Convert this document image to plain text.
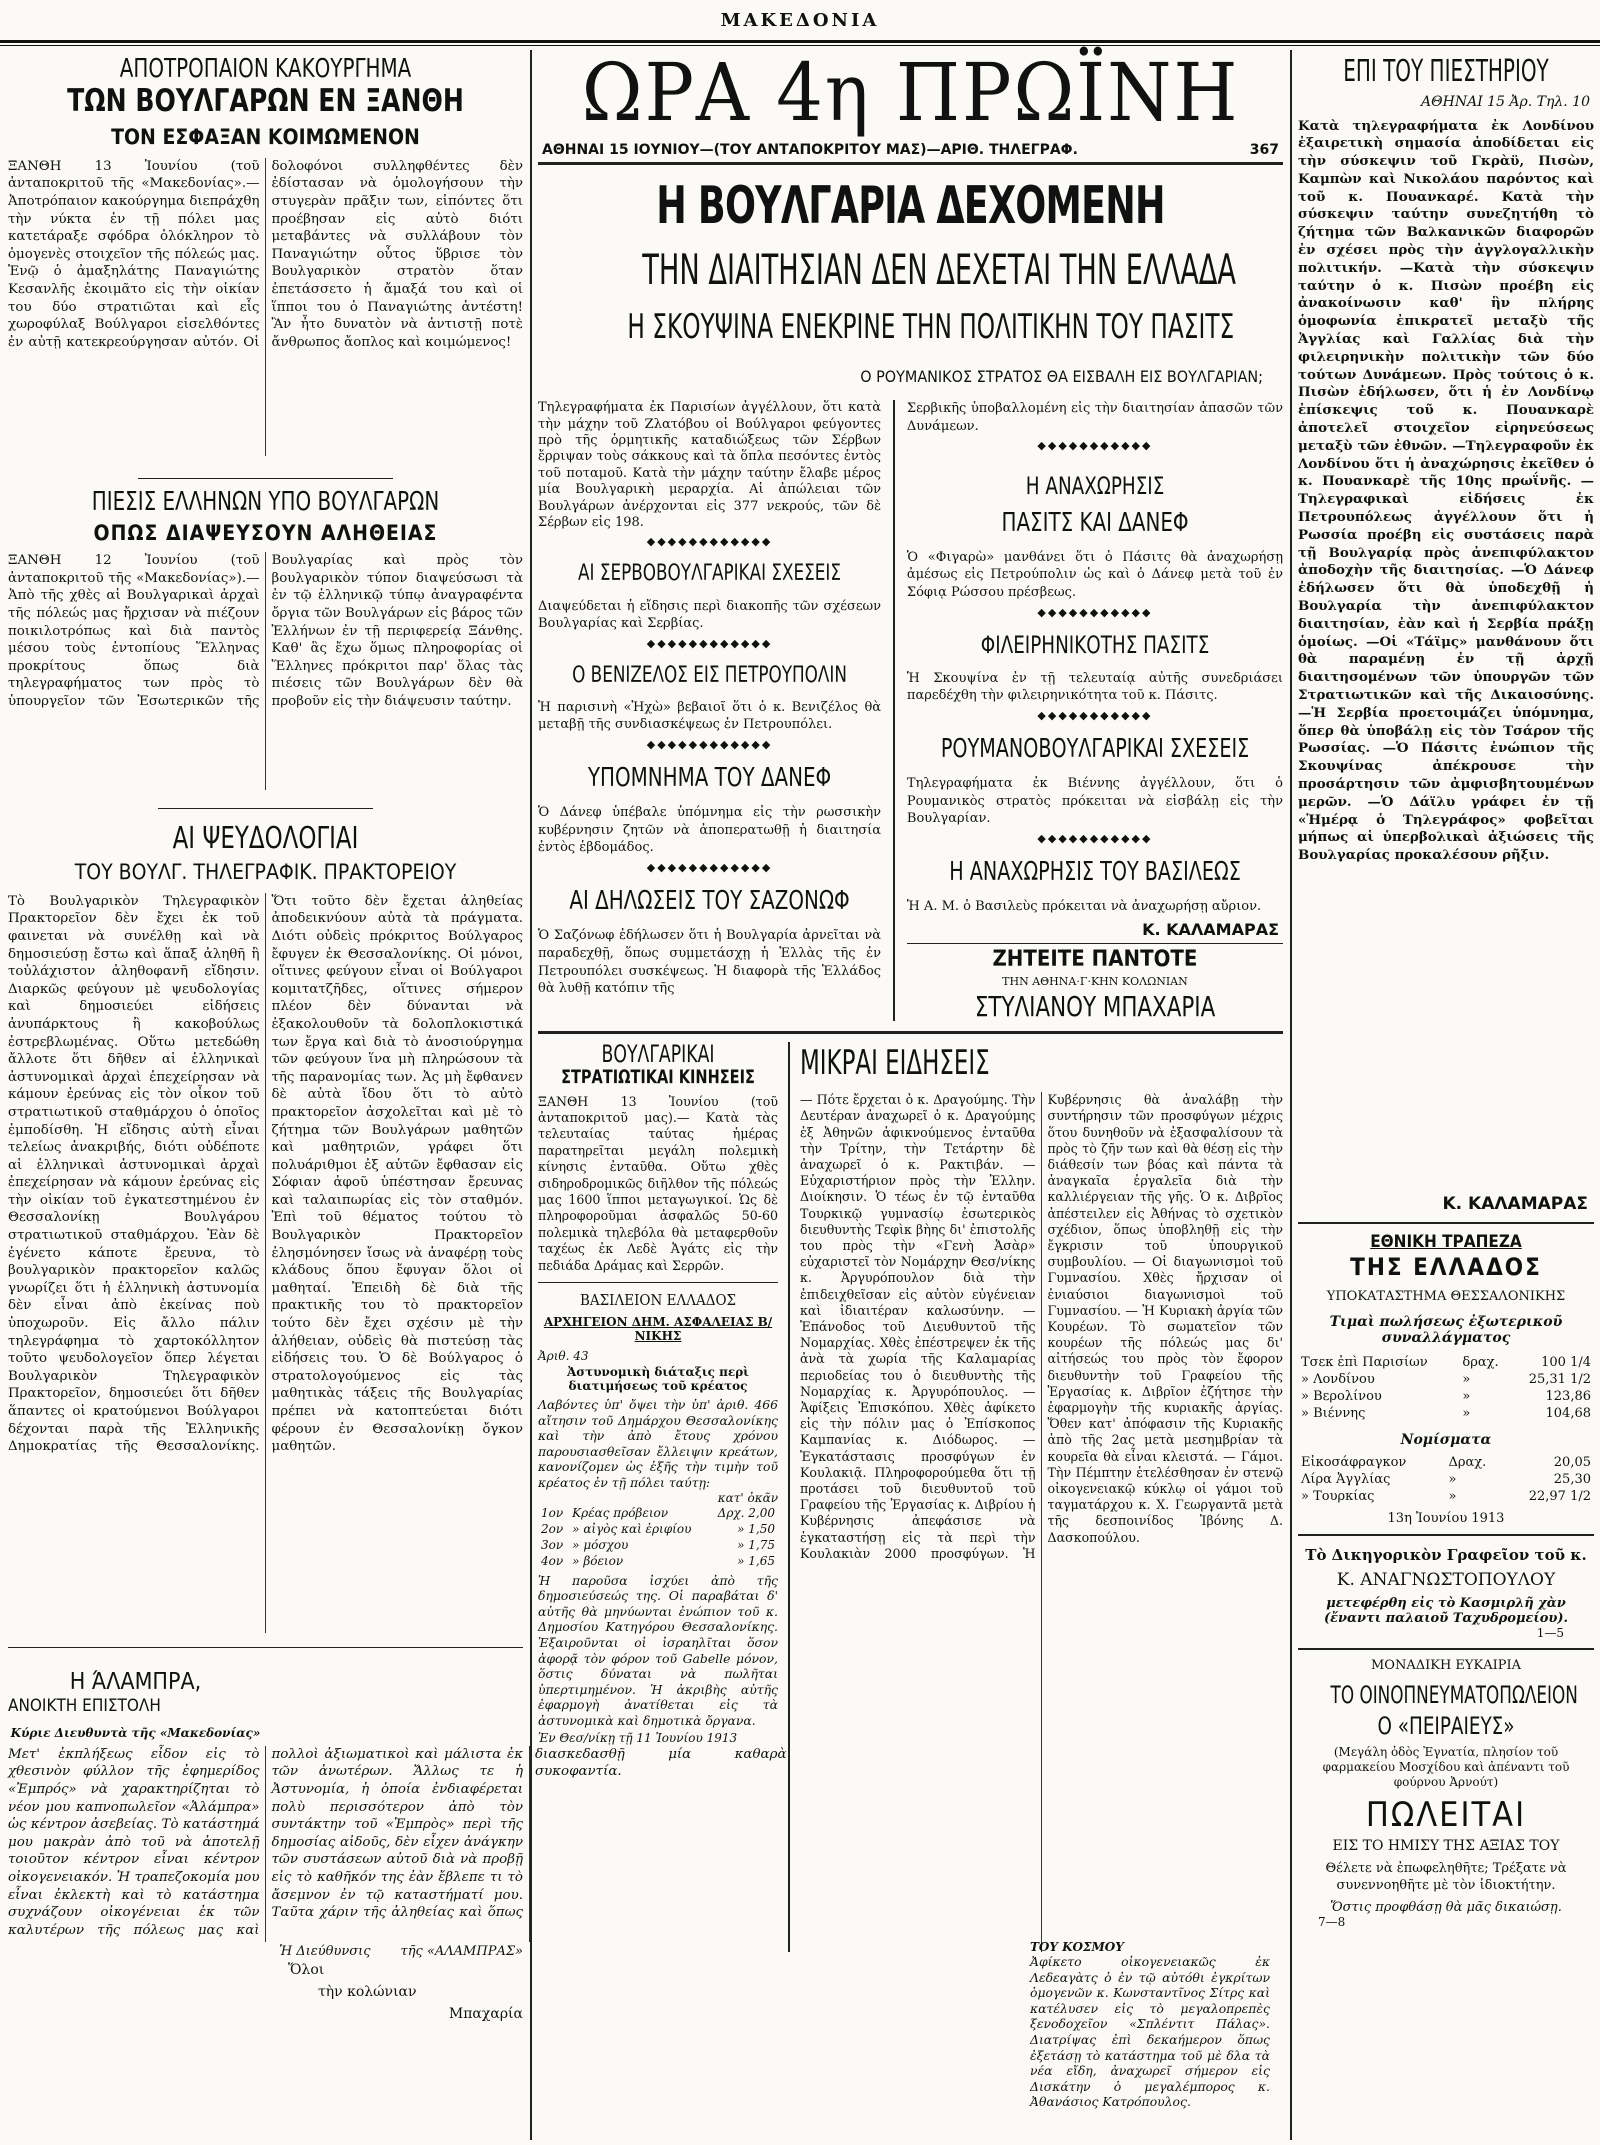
ΜΑΚΕΔΟΝΙΑ
ΑΠΟΤΡΟΠΑΙΟΝ ΚΑΚΟΥΡΓΗΜΑ
ΤΩΝ ΒΟΥΛΓΑΡΩΝ ΕΝ ΞΑΝΘΗ
ΤΟΝ ΕΣΦΑΞΑΝ ΚΟΙΜΩΜΕΝΟΝ

ΞΑΝΘΗ 13 Ἰουνίου (τοῦ ἀνταποκριτοῦ τῆς «Μακεδονίας».— Ἀποτρόπαιον κακούργημα διεπράχθη τὴν νύκτα ἐν τῇ πόλει μας κατετάραξε σφόδρα ὁλόκληρον τὸ ὁμογενὲς στοιχεῖον τῆς πόλεώς μας. Ἐνῷ ὁ ἀμαξηλάτης Παναγιώτης Κεσανλῆς ἐκοιμᾶτο εἰς τὴν οἰκίαν του δύο στρατιῶται καὶ εἷς χωροφύλαξ Βούλγαροι εἰσελθόντες ἐν αὐτῇ κατεκρεούργησαν αὐτόν. Οἱ δολοφόνοι συλληφθέντες δὲν ἐδίστασαν νὰ ὁμολογήσουν τὴν στυγερὰν πρᾶξιν των, εἰπόντες ὅτι προέβησαν εἰς αὐτὸ διότι μεταβάντες νὰ συλλάβουν τὸν Παναγιώτην οὗτος ὕβρισε τὸν Βουλγαρικὸν στρατὸν ὅταν ἐπετάσσετο ἡ ἄμαξά του καὶ οἱ ἵπποι του ὁ Παναγιώτης ἀντέστη! Ἂν ἦτο δυνατὸν νὰ ἀντιστῇ ποτὲ ἄνθρωπος ἄοπλος καὶ κοιμώμενος!

ΠΙΕΣΙΣ ΕΛΛΗΝΩΝ ΥΠΟ ΒΟΥΛΓΑΡΩΝ
ΟΠΩΣ ΔΙΑΨΕΥΣΟΥΝ ΑΛΗΘΕΙΑΣ

ΞΑΝΘΗ 12 Ἰουνίου (τοῦ ἀνταποκριτοῦ τῆς «Μακεδονίας»).— Ἀπὸ τῆς χθὲς αἱ Βουλγαρικαὶ ἀρχαὶ τῆς πόλεώς μας ἤρχισαν νὰ πιέζουν ποικιλοτρόπως καὶ διὰ παντὸς μέσου τοὺς ἐντοπίους Ἕλληνας προκρίτους ὅπως διὰ τηλεγραφήματος των πρὸς τὸ ὑπουργεῖον τῶν Ἐσωτερικῶν τῆς Βουλγαρίας καὶ πρὸς τὸν βουλγαρικὸν τύπον διαψεύσωσι τὰ ἐν τῷ ἑλληνικῷ τύπῳ ἀναγραφέντα ὄργια τῶν Βουλγάρων εἰς βάρος τῶν Ἑλλήνων ἐν τῇ περιφερείᾳ Ξάνθης. Καθ' ἃς ἔχω ὅμως πληροφορίας οἱ Ἕλληνες πρόκριτοι παρ' ὅλας τὰς πιέσεις τῶν Βουλγάρων δὲν θὰ προβοῦν εἰς τὴν διάψευσιν ταύτην.

ΑΙ ΨΕΥΔΟΛΟΓΙΑΙ
ΤΟΥ ΒΟΥΛΓ. ΤΗΛΕΓΡΑΦΙΚ. ΠΡΑΚΤΟΡΕΙΟΥ

Τὸ Βουλγαρικὸν Τηλεγραφικὸν Πρακτορεῖον δὲν ἔχει ἐκ τοῦ φαινεται νὰ συνέλθῃ καὶ νὰ δημοσιεύσῃ ἔστω καὶ ἅπαξ ἀληθῆ ἢ τοὐλάχιστον ἀληθοφανῆ εἴδησιν. Διαρκῶς φεύγουν μὲ ψευδολογίας καὶ δημοσιεύει εἰδήσεις ἀνυπάρκτους ἢ κακοβούλως ἐστρεβλωμένας. Οὕτω μετεδώθη ἄλλοτε ὅτι δῆθεν αἱ ἑλληνικαὶ ἀστυνομικαὶ ἀρχαὶ ἐπεχείρησαν νὰ κάμουν ἐρεύνας εἰς τὸν οἶκον τοῦ στρατιωτικοῦ σταθμάρχου ὁ ὁποῖος ἐμποδίσθη. Ἡ εἴδησις αὐτὴ εἶναι τελείως ἀνακριβής, διότι οὐδέποτε αἱ ἑλληνικαὶ ἀστυνομικαὶ ἀρχαὶ ἐπεχείρησαν νὰ κάμουν ἐρεύνας εἰς τὴν οἰκίαν τοῦ ἐγκατεστημένου ἐν Θεσσαλονίκῃ Βουλγάρου στρατιωτικοῦ σταθμάρχου. Ἐὰν δὲ ἐγένετο κάποτε ἔρευνα, τὸ βουλγαρικὸν πρακτορεῖον καλῶς γνωρίζει ὅτι ἡ ἑλληνικὴ ἀστυνομία δὲν εἶναι ἀπὸ ἐκείνας ποὺ ὑποχωροῦν. Εἰς ἄλλο πάλιν τηλεγράφημα τὸ χαρτοκόλλητον τοῦτο ψευδολογεῖον ὅπερ λέγεται Βουλγαρικὸν Τηλεγραφικὸν Πρακτορεῖον, δημοσιεύει ὅτι δῆθεν ἅπαντες οἱ κρατούμενοι Βούλγαροι δέχονται παρὰ τῆς Ἑλληνικῆς Δημοκρατίας τῆς Θεσσαλονίκης. Ὅτι τοῦτο δὲν ἔχεται ἀληθείας ἀποδεικνύουν αὐτὰ τὰ πράγματα. Διότι οὐδεὶς πρόκριτος Βούλγαρος ἔφυγεν ἐκ Θεσσαλονίκης. Οἱ μόνοι, οἵτινες φεύγουν εἶναι οἱ Βούλγαροι κομιτατζῆδες, οἵτινες σήμερον πλέον δὲν δύνανται νὰ ἐξακολουθοῦν τὰ δολοπλοκιστικά των ἔργα καὶ διὰ τὸ ἀνοσιούργημα τῶν φεύγουν ἵνα μὴ πληρώσουν τὰ τῆς παρανομίας των. Ἀς μὴ ἔφθανεν δὲ αὐτὰ ἴδου ὅτι τὸ αὐτὸ πρακτορεῖον ἀσχολεῖται καὶ μὲ τὸ ζήτημα τῶν Βουλγάρων μαθητῶν καὶ μαθητριῶν, γράφει ὅτι πολυάριθμοι ἐξ αὐτῶν ἔφθασαν εἰς Σόφιαν ἀφοῦ ὑπέστησαν ἔρευνας καὶ ταλαιπωρίας εἰς τὸν σταθμόν. Ἐπὶ τοῦ θέματος τούτου τὸ Βουλγαρικὸν Πρακτορεῖον ἐλησμόνησεν ἴσως νὰ ἀναφέρῃ τοὺς κλάδους ὅπου ἔφυγαν ὅλοι οἱ μαθηταί. Ἐπειδὴ δὲ διὰ τῆς πρακτικῆς του τὸ πρακτορεῖον τούτο δὲν ἔχει σχέσιν μὲ τὴν ἀλήθειαν, οὐδεὶς θὰ πιστεύσῃ τὰς εἰδήσεις του. Ὁ δὲ Βούλγαρος ὁ στρατολογούμενος εἰς τὰς μαθητικὰς τάξεις τῆς Βουλγαρίας πρέπει νὰ κατοπτεύεται διότι φέρουν ἐν Θεσσαλονίκῃ ὄγκον μαθητῶν.

Η ΆΛΑΜΠΡΑ,
ΑΝΟΙΚΤΗ ΕΠΙΣΤΟΛΗ
Κύριε Διευθυντὰ τῆς «Μακεδονίας»

Μετ' ἐκπλήξεως εἶδον εἰς τὸ χθεσινὸν φύλλον τῆς ἐφημερίδος «Ἐμπρός» νὰ χαρακτηρίζηται τὸ νέον μου καπνοπωλεῖον «Ἀλάμπρα» ὡς κέντρον ἀσεβείας. Τὸ κατάστημά μου μακρὰν ἀπὸ τοῦ νὰ ἀποτελῇ τοιοῦτον κέντρον εἶναι κέντρον οἰκογενειακόν. Ἡ τραπεζοκομία μου εἶναι ἐκλεκτὴ καὶ τὸ κατάστημα συχνάζουν οἰκογένειαι ἐκ τῶν καλυτέρων τῆς πόλεως μας καὶ πολλοὶ ἀξιωματικοὶ καὶ μάλιστα ἐκ τῶν ἀνωτέρων. Ἄλλως τε ἡ Ἀστυνομία, ἡ ὁποία ἐνδιαφέρεται πολὺ περισσότερον ἀπὸ τὸν συντάκτην τοῦ «Ἐμπρὸς» περὶ τῆς δημοσίας αἰδοῦς, δὲν εἶχεν ἀνάγκην τῶν συστάσεων αὐτοῦ διὰ νὰ προβῇ εἰς τὸ καθῆκόν της ἐὰν ἔβλεπε τι τὸ ἄσεμνον ἐν τῷ καταστήματί μου. Ταῦτα χάριν τῆς ἀληθείας καὶ ὅπως διασκεδασθῇ μία καθαρὰ συκοφαντία.

Ἡ Διεύθυνσις τῆς «ΑΛΑΜΠΡΑΣ»
Ὅλοι
τὴν κολώνιαν
Μπαχαρία
ΩΡΑ 4η ΠΡΩΪΝΗ
ΑΘΗΝΑΙ 15 ΙΟΥΝΙΟΥ—(ΤΟΥ ΑΝΤΑΠΟΚΡΙΤΟΥ ΜΑΣ)—ΑΡΙΘ. ΤΗΛΕΓΡΑΦ.	367
Η ΒΟΥΛΓΑΡΙΑ ΔΕΧΟΜΕΝΗ
ΤΗΝ ΔΙΑΙΤΗΣΙΑΝ ΔΕΝ ΔΕΧΕΤΑΙ ΤΗΝ ΕΛΛΑΔΑ
Η ΣΚΟΥΨΙΝΑ ΕΝΕΚΡΙΝΕ ΤΗΝ ΠΟΛΙΤΙΚΗΝ ΤΟΥ ΠΑΣΙΤΣ
Ο ΡΟΥΜΑΝΙΚΟΣ ΣΤΡΑΤΟΣ ΘΑ ΕΙΣΒΑΛΗ ΕΙΣ ΒΟΥΛΓΑΡΙΑΝ;

Τηλεγραφήματα ἐκ Παρισίων ἀγγέλλουν, ὅτι κατὰ τὴν μάχην τοῦ Ζλατόβου οἱ Βούλγαροι φεύγοντες πρὸ τῆς ὁρμητικῆς καταδιώξεως τῶν Σέρβων ἔρριψαν τοὺς σάκκους καὶ τὰ ὅπλα πεσόντες ἐντὸς τοῦ ποταμοῦ. Κατὰ τὴν μάχην ταύτην ἔλαβε μέρος μία Βουλγαρικὴ μεραρχία. Αἱ ἀπώλειαι τῶν Βουλγάρων ἀνέρχονται εἰς 377 νεκρούς, τῶν δὲ Σέρβων εἰς 198.

◆◆◆◆◆◆◆◆◆◆◆◆
ΑΙ ΣΕΡΒΟΒΟΥΛΓΑΡΙΚΑΙ ΣΧΕΣΕΙΣ

Διαψεύδεται ἡ εἴδησις περὶ διακοπῆς τῶν σχέσεων Βουλγαρίας καὶ Σερβίας.

◆◆◆◆◆◆◆◆◆◆◆◆
Ο ΒΕΝΙΖΕΛΟΣ ΕΙΣ ΠΕΤΡΟΥΠΟΛΙΝ

Ἡ παρισινὴ «Ἠχὼ» βεβαιοῖ ὅτι ὁ κ. Βενιζέλος θὰ μεταβῇ τῆς συνδιασκέψεως ἐν Πετρουπόλει.

◆◆◆◆◆◆◆◆◆◆◆◆
ΥΠΟΜΝΗΜΑ ΤΟΥ ΔΑΝΕΦ

Ὁ Δάνεφ ὑπέβαλε ὑπόμνημα εἰς τὴν ρωσσικὴν κυβέρνησιν ζητῶν νὰ ἀποπερατωθῇ ἡ διαιτησία ἐντὸς ἑβδομάδος.

◆◆◆◆◆◆◆◆◆◆◆◆
ΑΙ ΔΗΛΩΣΕΙΣ ΤΟΥ ΣΑΖΟΝΩΦ

Ὁ Σαζόνωφ ἐδήλωσεν ὅτι ἡ Βουλγαρία ἀρνεῖται νὰ παραδεχθῇ, ὅπως συμμετάσχῃ ἡ Ἑλλὰς τῆς ἐν Πετρουπόλει συσκέψεως. Ἡ διαφορὰ τῆς Ἑλλάδος θὰ λυθῇ κατόπιν τῆς

Σερβικῆς ὑποβαλλομένη εἰς τὴν διαιτησίαν ἀπασῶν τῶν Δυνάμεων.

◆◆◆◆◆◆◆◆◆◆◆
Η ΑΝΑΧΩΡΗΣΙΣ
ΠΑΣΙΤΣ ΚΑΙ ΔΑΝΕΦ

Ὁ «Φιγαρὼ» μανθάνει ὅτι ὁ Πάσιτς θὰ ἀναχωρήσῃ ἀμέσως εἰς Πετρούπολιν ὡς καὶ ὁ Δάνεφ μετὰ τοῦ ἐν Σόφιᾳ Ρώσσου πρέσβεως.

◆◆◆◆◆◆◆◆◆◆◆
ΦΙΛΕΙΡΗΝΙΚΟΤΗΣ ΠΑΣΙΤΣ

Ἡ Σκουψίνα ἐν τῇ τελευταίᾳ αὐτῆς συνεδριάσει παρεδέχθη τὴν φιλειρηνικότητα τοῦ κ. Πάσιτς.

◆◆◆◆◆◆◆◆◆◆◆
ΡΟΥΜΑΝΟΒΟΥΛΓΑΡΙΚΑΙ ΣΧΕΣΕΙΣ

Τηλεγραφήματα ἐκ Βιέννης ἀγγέλλουν, ὅτι ὁ Ρουμανικὸς στρατὸς πρόκειται νὰ εἰσβάλῃ εἰς τὴν Βουλγαρίαν.

◆◆◆◆◆◆◆◆◆◆◆
Η ΑΝΑΧΩΡΗΣΙΣ ΤΟΥ ΒΑΣΙΛΕΩΣ

Ἡ Α. Μ. ὁ Βασιλεὺς πρόκειται νὰ ἀναχωρήσῃ αὔριον.

Κ. ΚΑΛΑΜΑΡΑΣ
ΖΗΤΕΙΤΕ ΠΑΝΤΟΤΕ
ΤΗΝ ΑΘΗΝΑ·Γ·ΚΗΝ ΚΟΛΩΝΙΑΝ
ΣΤΥΛΙΑΝΟΥ ΜΠΑΧΑΡΙΑ
ΒΟΥΛΓΑΡΙΚΑΙ
ΣΤΡΑΤΙΩΤΙΚΑΙ ΚΙΝΗΣΕΙΣ

ΞΑΝΘΗ 13 Ἰουνίου (τοῦ ἀνταποκριτοῦ μας).— Κατὰ τὰς τελευταίας ταύτας ἡμέρας παρατηρεῖται μεγάλη πολεμικὴ κίνησις ἐνταῦθα. Οὕτω χθὲς σιδηροδρομικῶς διῆλθον τῆς πόλεώς μας 1600 ἵπποι μεταγωγικοί. Ὡς δὲ πληροφοροῦμαι ἀσφαλῶς 50-60 πολεμικὰ τηλεβόλα θὰ μεταφερθοῦν ταχέως ἐκ Λεδὲ Ἀγάτς εἰς τὴν πεδιάδα Δράμας καὶ Σερρῶν.

ΒΑΣΙΛΕΙΟΝ ΕΛΛΑΔΟΣ
ΑΡΧΗΓΕΙΟΝ ΔΗΜ. ΑΣΦΑΛΕΙΑΣ Β/ΝΙΚΗΣ
Ἀριθ. 43
Ἀστυνομικὴ διάταξις περὶ διατιμήσεως τοῦ κρέατος

Λαβόντες ὑπ' ὄψει τὴν ὑπ' ἀριθ. 466 αἴτησιν τοῦ Δημάρχου Θεσσαλονίκης καὶ τὴν ἀπὸ ἔτους χρόνου παρουσιασθεῖσαν ἔλλειψιν κρεάτων, κανονίζομεν ὡς ἑξῆς τὴν τιμὴν τοῦ κρέατος ἐν τῇ πόλει ταύτῃ:

κατ' ὀκᾶν
1ον	Κρέας πρόβειον	Δρχ. 2,00
2ον	» αἰγὸς καὶ ἐριφίου	» 1,50
3ον	» μόσχου	» 1,75
4ον	» βόειον	» 1,65

Ἡ παροῦσα ἰσχύει ἀπὸ τῆς δημοσιεύσεώς της. Οἱ παραβάται δ' αὐτῆς θὰ μηνύωνται ἐνώπιον τοῦ κ. Δημοσίου Κατηγόρου Θεσσαλονίκης. Ἐξαιροῦνται οἱ ἰσραηλῖται ὅσον ἀφορᾷ τὸν φόρον τοῦ Gabelle μόνον, ὅστις δύναται νὰ πωλῆται ὑπερτιμημένον. Ἡ ἀκριβὴς αὐτῆς ἐφαρμογὴ ἀνατίθεται εἰς τὰ ἀστυνομικὰ καὶ δημοτικὰ ὄργανα.

Ἐν Θεσ/νίκῃ τῇ 11 Ἰουνίου 1913
ΜΙΚΡΑΙ ΕΙΔΗΣΕΙΣ

— Πότε ἔρχεται ὁ κ. Δραγούμης. Τὴν Δευτέραν ἀναχωρεῖ ὁ κ. Δραγούμης ἐξ Ἀθηνῶν ἀφικνούμενος ἐνταῦθα τὴν Τρίτην, τὴν Τετάρτην δὲ ἀναχωρεῖ ὁ κ. Ρακτιβάν. — Εὐχαριστήριον πρὸς τὴν Ἑλλην. Διοίκησιν. Ὁ τέως ἐν τῷ ἐνταῦθα Τουρκικῷ γυμνασίῳ ἐσωτερικὸς διευθυντὴς Τεφὶκ βὴης δι' ἐπιστολῆς του πρὸς τὴν «Γενὴ Ἀσὰρ» εὐχαριστεῖ τὸν Νομάρχην Θεσ/νίκης κ. Ἀργυρόπουλον διὰ τὴν ἐπιδειχθεῖσαν εἰς αὐτὸν εὐγένειαν καὶ ἰδιαιτέραν καλωσύνην. — Ἐπάνοδος τοῦ Διευθυντοῦ τῆς Νομαρχίας. Χθὲς ἐπέστρεψεν ἐκ τῆς ἀνὰ τὰ χωρία τῆς Καλαμαρίας περιοδείας του ὁ διευθυντὴς τῆς Νομαρχίας κ. Ἀργυρόπουλος. — Ἀφίξεις Ἐπισκόπου. Χθὲς ἀφίκετο εἰς τὴν πόλιν μας ὁ Ἐπίσκοπος Καμπανίας κ. Διόδωρος. — Ἐγκατάστασις προσφύγων ἐν Κουλακιᾷ. Πληροφορούμεθα ὅτι τῇ προτάσει τοῦ διευθυντοῦ τοῦ Γραφείου τῆς Ἐργασίας κ. Διβρίου ἡ Κυβέρνησις ἀπεφάσισε νὰ ἐγκαταστήσῃ εἰς τὰ περὶ τὴν Κουλακιὰν 2000 προσφύγων. Ἡ Κυβέρνησις θὰ ἀναλάβῃ τὴν συντήρησιν τῶν προσφύγων μέχρις ὅτου δυνηθοῦν νὰ ἐξασφαλίσουν τὰ πρὸς τὸ ζῆν των καὶ θὰ θέσῃ εἰς τὴν διάθεσίν των βόας καὶ πάντα τὰ ἀναγκαῖα ἐργαλεῖα διὰ τὴν καλλιέργειαν τῆς γῆς. Ὁ κ. Διβρῖος ἀπέστειλεν εἰς Ἀθήνας τὸ σχετικὸν σχέδιον, ὅπως ὑποβληθῇ εἰς τὴν ἔγκρισιν τοῦ ὑπουργικοῦ συμβουλίου. — Οἱ διαγωνισμοὶ τοῦ Γυμνασίου. Χθὲς ἤρχισαν οἱ ἐνιαύσιοι διαγωνισμοὶ τοῦ Γυμνασίου. — Ἡ Κυριακὴ ἀργία τῶν Κουρέων. Τὸ σωματεῖον τῶν κουρέων τῆς πόλεώς μας δι' αἰτήσεώς του πρὸς τὸν ἔφορον διευθυντὴν τοῦ Γραφείου τῆς Ἐργασίας κ. Διβρῖον ἐζήτησε τὴν ἐφαρμογὴν τῆς κυριακῆς ἀργίας. Ὅθεν κατ' ἀπόφασιν τῆς Κυριακῆς ἀπὸ τῆς 2ας μετὰ μεσημβρίαν τὰ κουρεῖα θὰ εἶναι κλειστά. — Γάμοι. Τὴν Πέμπτην ἐτελέσθησαν ἐν στενῷ οἰκογενειακῷ κύκλῳ οἱ γάμοι τοῦ ταγματάρχου κ. Χ. Γεωργαντᾶ μετὰ τῆς δεσποινίδος Ἰβόνης Δ. Δασκοπούλου.

ΤΟΥ ΚΟΣΜΟΥ

Ἀφίκετο οἰκογενειακῶς ἐκ Λεδεαγὰτς ὁ ἐν τῷ αὐτόθι ἐγκρίτων ὁμογενῶν κ. Κωνσταντῖνος Σίτρς καὶ κατέλυσεν εἰς τὸ μεγαλοπρεπὲς ξενοδοχεῖον «Σπλέντιτ Πάλας». Διατρίψας ἐπὶ δεκαήμερον ὅπως ἐξετάσῃ τὸ κατάστημα τοῦ μὲ δλα τὰ νέα εἴδη, ἀναχωρεῖ σήμερον εἰς Δισκάτην ὁ μεγαλέμπορος κ. Ἀθανάσιος Κατρόπουλος.

ΕΠΙ ΤΟΥ ΠΙΕΣΤΗΡΙΟΥ
ΑΘΗΝΑΙ 15 Ἀρ. Τηλ. 10

Κατὰ τηλεγραφήματα ἐκ Λονδίνου ἐξαιρετικὴ σημασία ἀποδίδεται εἰς τὴν σύσκεψιν τοῦ Γκρὰϋ, Πισὼν, Καμπὼν καὶ Νικολάου παρόντος καὶ τοῦ κ. Πουανκαρέ. Κατὰ τὴν σύσκεψιν ταύτην συνεζητήθη τὸ ζήτημα τῶν Βαλκανικῶν διαφορῶν ἐν σχέσει πρὸς τὴν ἀγγλογαλλικὴν πολιτικήν. —Κατὰ τὴν σύσκεψιν ταύτην ὁ κ. Πισὼν προέβη εἰς ἀνακοίνωσιν καθ' ἣν πλήρης ὁμοφωνία ἐπικρατεῖ μεταξὺ τῆς Ἀγγλίας καὶ Γαλλίας διὰ τὴν φιλειρηνικὴν πολιτικὴν τῶν δύο τούτων Δυνάμεων. Πρὸς τούτοις ὁ κ. Πισὼν ἐδήλωσεν, ὅτι ἡ ἐν Λονδίνῳ ἐπίσκεψις τοῦ κ. Πουανκαρὲ ἀποτελεῖ στοιχεῖον εἰρηνεύσεως μεταξὺ τῶν ἐθνῶν. —Τηλεγραφοῦν ἐκ Λονδίνου ὅτι ἡ ἀναχώρησις ἐκεῖθεν ὁ κ. Πουανκαρὲ τῆς 10ης πρωΐνῆς. —Τηλεγραφικαὶ εἰδήσεις ἐκ Πετρουπόλεως ἀγγέλλουν ὅτι ἡ Ρωσσία προέβη εἰς συστάσεις παρὰ τῇ Βουλγαρίᾳ πρὸς ἀνεπιφύλακτον ἀποδοχὴν τῆς διαιτησίας. —Ὁ Δάνεφ ἐδήλωσεν ὅτι θὰ ὑποδεχθῇ ἡ Βουλγαρία τὴν ἀνεπιφύλακτον διαιτησίαν, ἐὰν καὶ ἡ Σερβία πράξῃ ὁμοίως. —Οἱ «Τάϊμς» μανθάνουν ὅτι θὰ παραμένῃ ἐν τῇ ἀρχῇ διαιτησομένων τῶν ὑπουργῶν τῶν Στρατιωτικῶν καὶ τῆς Δικαιοσύνης. —Ἡ Σερβία προετοιμάζει ὑπόμνημα, ὅπερ θὰ ὑποβάλῃ εἰς τὸν Τσάρον τῆς Ρωσσίας. —Ὁ Πάσιτς ἐνώπιον τῆς Σκουψίνας ἀπέκρουσε τὴν προσάρτησιν τῶν ἀμφισβητουμένων μερῶν. —Ὁ Δάϊλυ γράφει ἐν τῇ «Ἡμέρᾳ ὁ Τηλεγράφος» φοβεῖται μήπως αἱ ὑπερβολικαὶ ἀξιώσεις τῆς Βουλγαρίας προκαλέσουν ρῆξιν.

Κ. ΚΑΛΑΜΑΡΑΣ
ΕΘΝΙΚΗ ΤΡΑΠΕΖΑ
ΤΗΣ ΕΛΛΑΔΟΣ
ΥΠΟΚΑΤΑΣΤΗΜΑ ΘΕΣΣΑΛΟΝΙΚΗΣ
Τιμαὶ πωλήσεως ἐξωτερικοῦ συναλλάγματος
Τσεκ ἐπὶ Παρισίων	δραχ.	100 1/4
» Λονδίνου	»	25,31 1/2
» Βερολίνου	»	123,86
» Βιέννης	»	104,68
Νομίσματα
Εἰκοσάφραγκον	Δραχ.	20,05
Λίρα Ἀγγλίας	»	25,30
» Τουρκίας	»	22,97 1/2
13η Ἰουνίου 1913
Τὸ Δικηγορικὸν Γραφεῖον τοῦ κ.
Κ. ΑΝΑΓΝΩΣΤΟΠΟΥΛΟΥ
μετεφέρθη εἰς τὸ Κασμιρλῆ χὰν (ἔναντι παλαιοῦ Ταχυδρομείου).
1—5
ΜΟΝΑΔΙΚΗ ΕΥΚΑΙΡΙΑ
ΤΟ ΟΙΝΟΠΝΕΥΜΑΤΟΠΩΛΕΙΟΝ
Ο «ΠΕΙΡΑΙΕΥΣ»
(Μεγάλη ὁδὸς Ἐγνατία, πλησίον τοῦ φαρμακείου Μοσχίδου καὶ ἀπέναντι τοῦ φούρνου Ἀρνούτ)
ΠΩΛΕΙΤΑΙ
ΕΙΣ ΤΟ ΗΜΙΣΥ ΤΗΣ ΑΞΙΑΣ ΤΟΥ
Θέλετε νὰ ἐπωφεληθῆτε; Τρέξατε νὰ συνεννοηθῆτε μὲ τὸν ἰδιοκτήτην.
Ὅστις προφθάσῃ θὰ μᾶς δικαιώσῃ.
7—8
